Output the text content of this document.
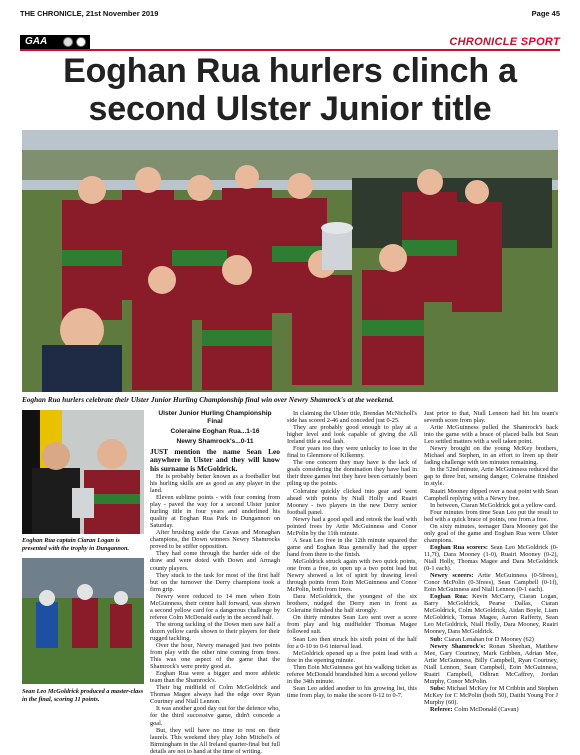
THE CHRONICLE, 21st November 2019	Page 45
GAA	CHRONICLE SPORT
Eoghan Rua hurlers clinch a second Ulster Junior title
Eoghan Rua hurlers celebrate their Ulster Junior Hurling Championship final win over Newry Shamrock's at the weekend.
Eoghan Rua captain Ciaran Logan is presented with the trophy in Dungannon.
Sean Leo McGoldrick produced a master-class in the final, scoring 11 points.
Ulster Junior Hurling Championship Final
Coleraine Eoghan Rua...1-16
Newry Shamrock's...0-11

JUST mention the name Sean Leo anywhere in Ulster and they will know his surname is McGoldrick.

He is probably better known as a footballer but his hurling skills are as good as any player in the land.

Eleven sublime points - with four coming from play - paved the way for a second Ulster junior hurling title in four years and underlined his quality at Eoghan Rua Park in Dungannon on Saturday.

After brushing aside the Cavan and Monaghan champions, the Down winners Newry Shamrocks proved to be stiffer opposition.

They had come through the harder side of the draw and were doted with Down and Armagh county players.

They stuck to the task for most of the first half but on the turnover the Derry champions took a firm grip.

Newry were reduced to 14 men when Eoin McGuinness, their centre half forward, was shown a second yellow card for a dangerous challenge by referee Colm McDonald early in the second half.

The strong tackling of the Down men saw half a dozen yellow cards shown to their players for their rugged tackling.

Over the hour, Newry managed just two points from play with the other nine coming from frees. This was one aspect of the game that the Shamrock's were pretty good at.

Eoghan Rua were a bigger and more athletic team than the Shamrock's.

Their big midfield of Colm McGoldrick and Thomas Magee always had the edge over Ryan Courtney and Niall Lennon.

It was another good day out for the defence who, for the third successive game, didn't concede a goal.

But, they will have no time to rest on their laurels. This weekend they play John Mitchel's of Birmingham in the All Ireland quarter-final but full details are not to hand at the time of writing.

In claiming the Ulster title, Brendan McNicholl's side has scored 2-46 and conceded just 0-25.

They are probably good enough to play at a higher level and look capable of giving the All Ireland title a real lash.

Four years too they were unlucky to lose in the final to Glenmore of Kilkenny.

The one concern they may have is the lack of goals considering the domination they have had in their three games but they have been certainly been piling up the points.

Coleraine quickly clicked into gear and went ahead with points by Niall Holly and Ruairi Mooney - two players in the new Derry senior football panel.

Newry had a good spell and retook the lead with pointed frees by Artie McGuinness and Conor McPolin by the 11th minute.

A Sean Leo free in the 12th minute squared the game and Eoghan Rua generally had the upper hand from there to the finish.

McGoldrick struck again with two quick points, one from a free, to open up a two point lead but Newry showed a lot of spirit by drawing level through points from Eoin McGuinness and Conor McPolin, both from frees.

Dara McGoldrick, the youngest of the six brothers, nudged the Derry men in front as Coleraine finished the half strongly.

On thirty minutes Sean Leo sent over a score from play and big midfielder Thomas Magee followed suit.

Sean Leo then struck his sixth point of the half for a 0-10 to 0-6 interval lead.

McGoldrick opened up a five point lead with a free in the opening minute.

Then Eoin McGuinness got his walking ticket as referee McDonald brandished him a second yellow in the 34th minute.

Sean Leo added another to his growing list, this time from play, to make the score 0-12 to 0-7.

Just prior to that, Niall Lennon had hit his team's seventh score from play.

Artie McGuinness pulled the Shamrock's back into the game with a brace of placed balls but Sean Leo settled matters with a well taken point.

Newry brought on the young McKey brothers, Michael and Stephen, in an effort to liven up their fading challenge with ten minutes remaining.

In the 52nd minute, Artie McGuinness reduced the gap to three but, sensing danger, Coleraine finished in style.

Ruairi Mooney dipped over a neat point with Sean Campbell replying with a Newry free.

In between, Ciaran McGoldrick got a yellow card.

Four minutes from time Sean Leo put the result to bed with a quick brace of points, one from a free.

On sixty minutes, teenager Dara Mooney got the only goal of the game and Eoghan Rua were Ulster champions.

Eoghan Rua scorers: Sean Leo McGoldrick (0-11,7f), Dara Mooney (1-0), Ruairi Mooney (0-2), Niall Holly, Thomas Magee and Dara McGoldrick (0-1 each).

Newry scorers: Artie McGuinness (0-5frees), Conor McPolin (0-3frees), Sean Campbell (0-1f), Eoin McGuinness and Niall Lennon (0-1 each).

Eoghan Rua: Kevin McCarry, Ciaran Logan, Barry McGoldrick, Pearse Dallas, Ciaran McGoldrick, Colm McGoldrick, Aidan Boyle, Liam McGoldrick, Tomas Magee, Aaron Rafferty, Sean Leo McGoldrick, Niall Holly, Dara Mooney, Ruairi Mooney, Dara McGoldrick.

Sub: Ciaran Lenahan for D Mooney (62)

Newry Shamrock's: Ronan Sheehan, Matthew Mee, Gary Courtney, Mark Gribben, Adrian Mee, Artie McGuinness, Billy Campbell, Ryan Courtney, Niall Lennon, Sean Campbell, Eoin McGuinness, Ruairi Campbell, Odhran McCaffrey, Jordan Murphy, Conor McPolin.

Subs: Michael McKey for M Cribbin and Stephen McKey for C McPolin (both 50), Daithi Young For J Murphy (60).

Referee: Colm McDonald (Cavan)
